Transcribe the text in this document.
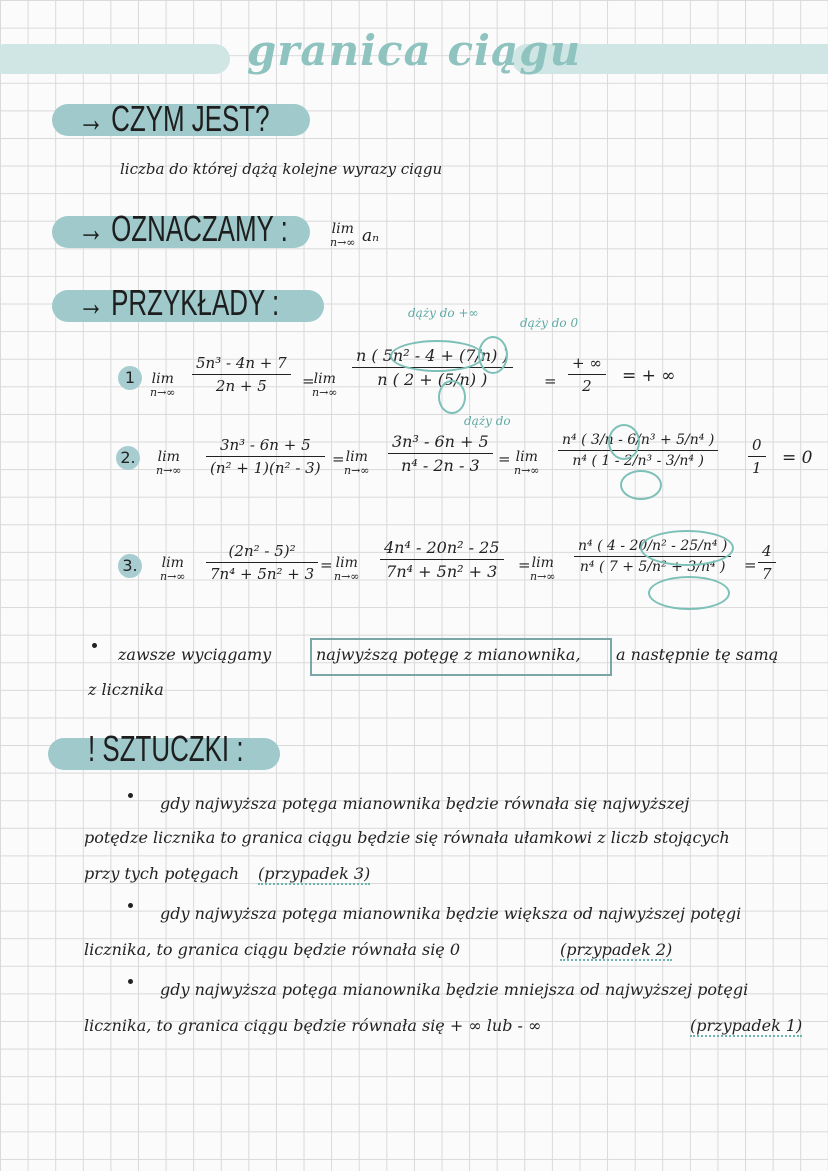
granica ciągu
→ CZYM JEST?
liczba do której dążą kolejne wyrazy ciągu
→ OZNACZAMY :	lim
n→∞ aₙ
→ PRZYKŁADY :	dąży do +∞
dąży do 0
dąży do
1	lim
$n\to\infty \frac{\text{5n³ - 4n + 7}}{2n + 5} = \lim$
n→∞
$\frac{\text{n ( 5n² - 4 + (7/n) )}}{n ( 2 + (5/n) )}$ =
+ ∞
2	= + ∞
2.	lim
$n\to\infty \frac{\text{3n³ - 6n + 5}}{\text{(n² + 1)(n² - 3)}} = \lim$
$n\to\infty \frac{\text{3n³ - 6n + 5}}{\text{n⁴ - 2n - 3}} = \lim$
n→∞
$\frac{\text{n⁴ ( 3/n - 6/n³ + 5/n⁴ )}}{\text{n⁴ ( 1 - 2/n³ - 3/n⁴ )}} \frac{0}{1} = 0$
3.	lim
$n\to\infty \frac{\text{(2n² - 5)²}}{\text{7n⁴ + 5n² + 3}} = \lim$
$n\to\infty \frac{\text{4n⁴ - 20n² - 25}}{\text{7n⁴ + 5n² + 3}} = \lim$
n→∞
$\frac{\text{n⁴ ( 4 - 20/n² - 25/n⁴ )}}{\text{n⁴ ( 7 + 5/n² + 3/n⁴ )}} = \frac{4}{7}$
zawsze wyciągamy	najwyższą potęgę z mianownika, a następnie tę samą
z licznika
! SZTUCZKI :
gdy najwyższa potęga mianownika będzie równała się najwyższej
potędze licznika to granica ciągu będzie się równała ułamkowi z liczb stojących
przy tych potęgach (przypadek 3)
gdy najwyższa potęga mianownika będzie większa od najwyższej potęgi
licznika, to granica ciągu będzie równała się 0	(przypadek 2)
gdy najwyższa potęga mianownika będzie mniejsza od najwyższej potęgi
licznika, to granica ciągu będzie równała się + ∞ lub - ∞	(przypadek 1)
